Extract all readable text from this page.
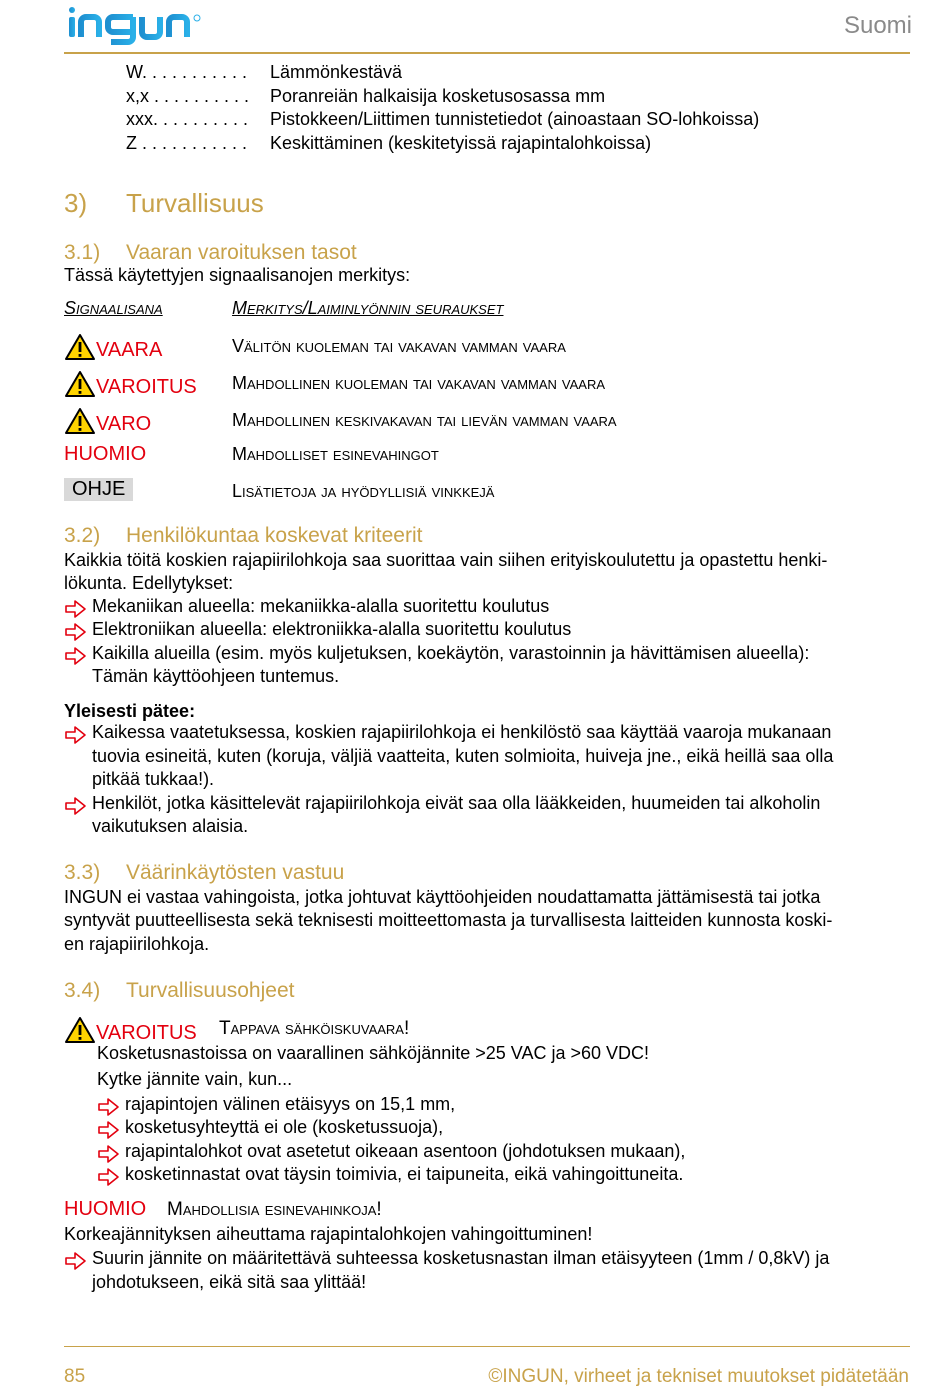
Suomi
W. . . . . . . . . . .	Lämmönkestävä
x,x . . . . . . . . . .	Poranreiän halkaisija kosketusosassa mm
xxx. . . . . . . . . .	Pistokkeen/Liittimen tunnistetiedot (ainoastaan SO-lohkoissa)
Z . . . . . . . . . . .	Keskittäminen (keskitetyissä rajapintalohkoissa)
3) Turvallisuus
3.1) Vaaran varoituksen tasot
Tässä käytettyjen signaalisanojen merkitys:
Signaalisana	Merkitys/Laiminlyönnin seuraukset
VAARA	Välitön kuoleman tai vakavan vamman vaara
VAROITUS Mahdollinen kuoleman tai vakavan vamman vaara
VARO	Mahdollinen keskivakavan tai lievän vamman vaara
HUOMIO	Mahdolliset esinevahingot
OHJE	Lisätietoja ja hyödyllisiä vinkkejä
3.2) Henkilökuntaa koskevat kriteerit
Kaikkia töitä koskien rajapiirilohkoja saa suorittaa vain siihen erityiskoulutettu ja opastettu henki-
lökunta. Edellytykset:
Mekaniikan alueella: mekaniikka-alalla suoritettu koulutus
Elektroniikan alueella: elektroniikka-alalla suoritettu koulutus
Kaikilla alueilla (esim. myös kuljetuksen, koekäytön, varastoinnin ja hävittämisen alueella):
Tämän käyttöohjeen tuntemus.
Yleisesti pätee:
Kaikessa vaatetuksessa, koskien rajapiirilohkoja ei henkilöstö saa käyttää vaaroja mukanaan
tuovia esineitä, kuten (koruja, väljiä vaatteita, kuten solmioita, huiveja jne., eikä heillä saa olla
pitkää tukkaa!).
Henkilöt, jotka käsittelevät rajapiirilohkoja eivät saa olla lääkkeiden, huumeiden tai alkoholin
vaikutuksen alaisia.
3.3) Väärinkäytösten vastuu
INGUN ei vastaa vahingoista, jotka johtuvat käyttöohjeiden noudattamatta jättämisestä tai jotka
syntyvät puutteellisesta sekä teknisesti moitteettomasta ja turvallisesta laitteiden kunnosta koski-
en rajapiirilohkoja.
3.4) Turvallisuusohjeet
VAROITUS Tappava sähköiskuvaara!
Kosketusnastoissa on vaarallinen sähköjännite >25 VAC ja >60 VDC!
Kytke jännite vain, kun...
rajapintojen välinen etäisyys on 15,1 mm,
kosketusyhteyttä ei ole (kosketussuoja),
rajapintalohkot ovat asetetut oikeaan asentoon (johdotuksen mukaan),
kosketinnastat ovat täysin toimivia, ei taipuneita, eikä vahingoittuneita.
HUOMIO Mahdollisia esinevahinkoja!
Korkeajännityksen aiheuttama rajapintalohkojen vahingoittuminen!
Suurin jännite on määritettävä suhteessa kosketusnastan ilman etäisyyteen (1mm / 0,8kV) ja
johdotukseen, eikä sitä saa ylittää!
85	©INGUN, virheet ja tekniset muutokset pidätetään
